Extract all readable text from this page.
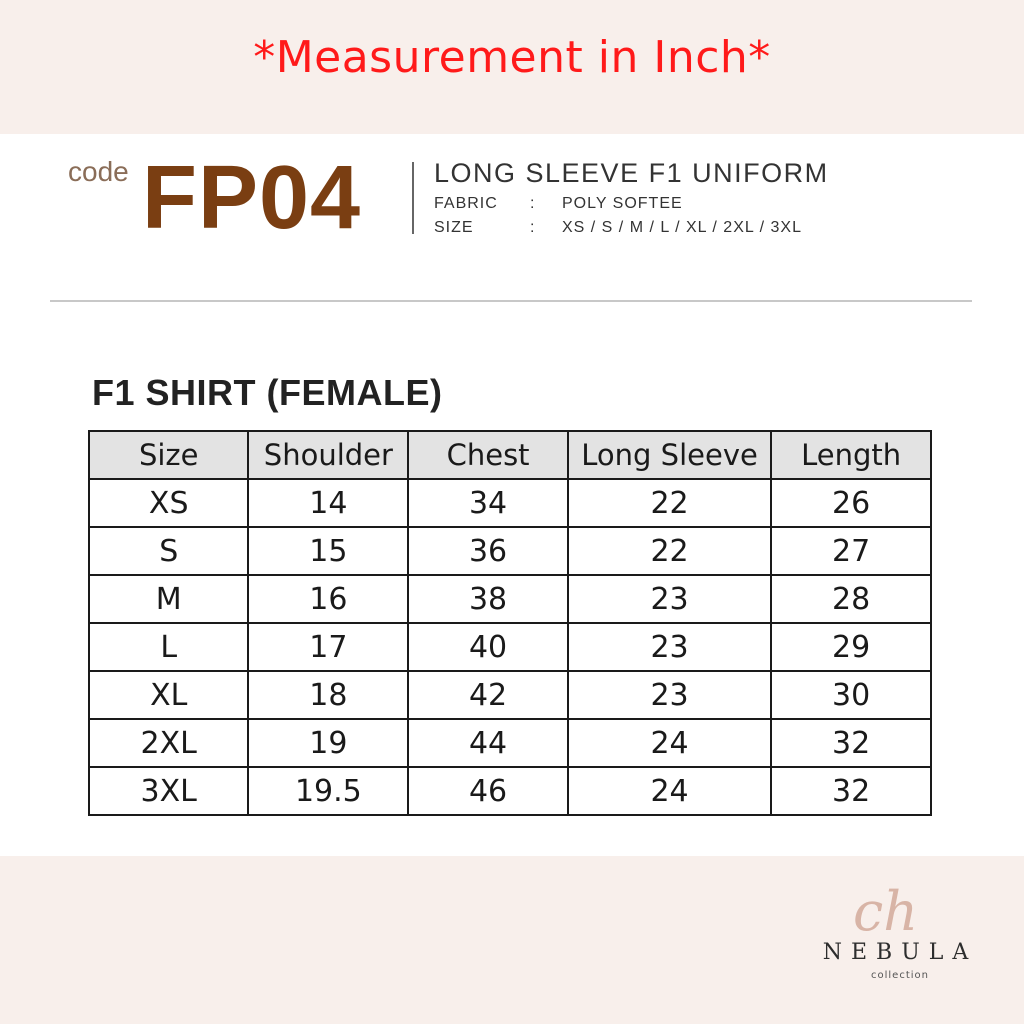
*Measurement in Inch*
code FP04	LONG SLEEVE F1 UNIFORM
FABRIC : POLY SOFTEE
SIZE	: XS / S / M / L / XL / 2XL / 3XL
F1 SHIRT (FEMALE)
Size	Shoulder	Chest	Long Sleeve	Length
XS	14	34	22	26
S	15	36	22	27
M	16	38	23	28
L	17	40	23	29
XL	18	42	23	30
2XL	19	44	24	32
3XL	19.5	46	24	32
ch
NEBULA
collection
